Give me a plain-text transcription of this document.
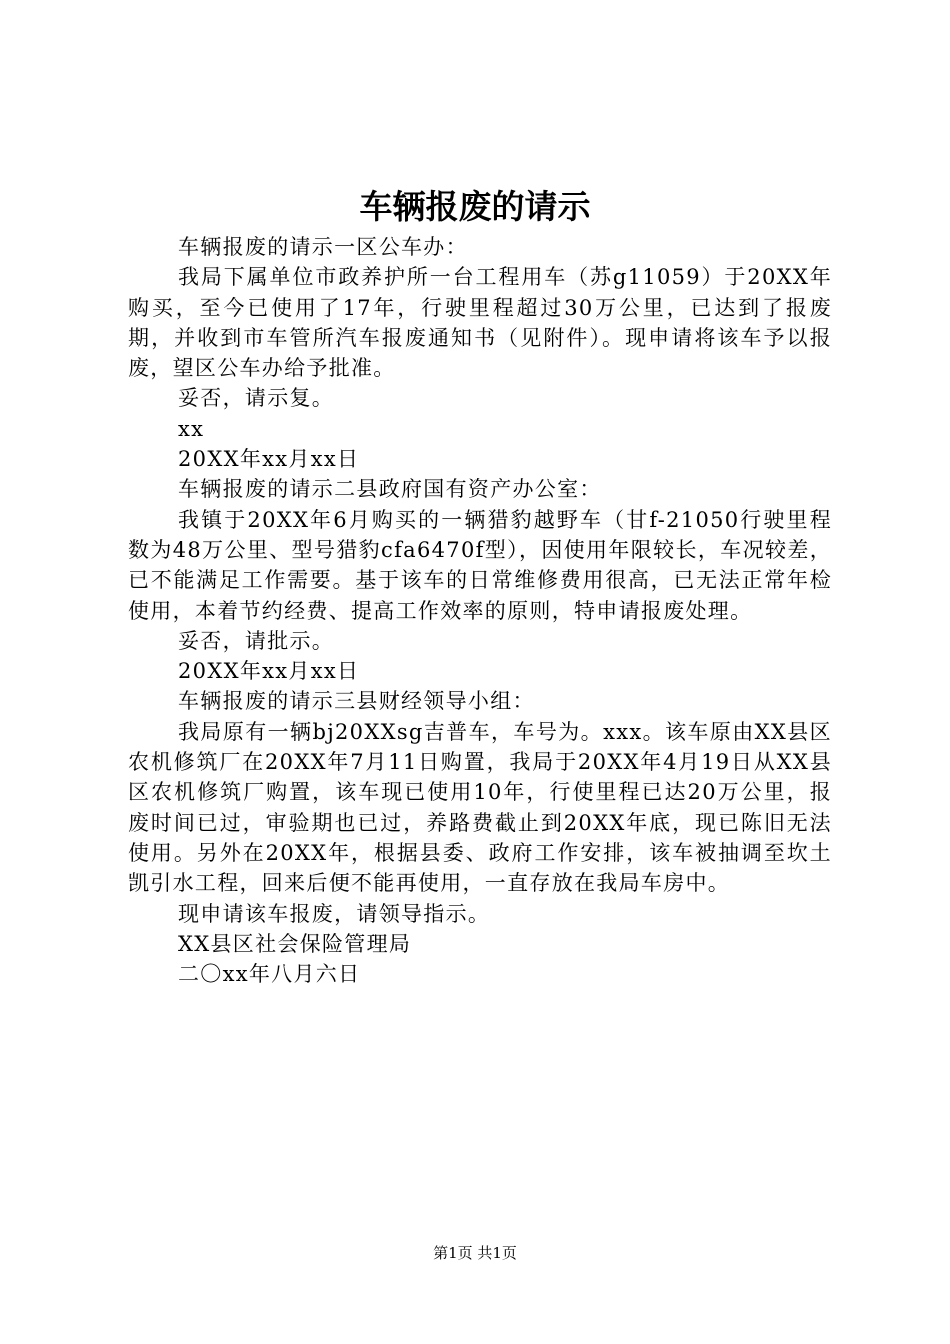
车辆报废的请示

车辆报废的请示一区公车办：

我局下属单位市政养护所一台工程用车（苏g11059）于20XX年购买，至今已使用了17年，行驶里程超过30万公里，已达到了报废期，并收到市车管所汽车报废通知书（见附件）。现申请将该车予以报废，望区公车办给予批准。

妥否，请示复。

xx

20XX年xx月xx日

车辆报废的请示二县政府国有资产办公室：

我镇于20XX年6月购买的一辆猎豹越野车（甘f-21050行驶里程数为48万公里、型号猎豹cfa6470f型），因使用年限较长，车况较差，已不能满足工作需要。基于该车的日常维修费用很高，已无法正常年检使用，本着节约经费、提高工作效率的原则，特申请报废处理。

妥否，请批示。

20XX年xx月xx日

车辆报废的请示三县财经领导小组：

我局原有一辆bj20XXsg吉普车，车号为。xxx。该车原由XX县区农机修筑厂在20XX年7月11日购置，我局于20XX年4月19日从XX县区农机修筑厂购置，该车现已使用10年，行使里程已达20万公里，报废时间已过，审验期也已过，养路费截止到20XX年底，现已陈旧无法使用。另外在20XX年，根据县委、政府工作安排，该车被抽调至坎土凯引水工程，回来后便不能再使用，一直存放在我局车房中。

现申请该车报废，请领导指示。

XX县区社会保险管理局

二〇xx年八月六日

第1页 共1页
